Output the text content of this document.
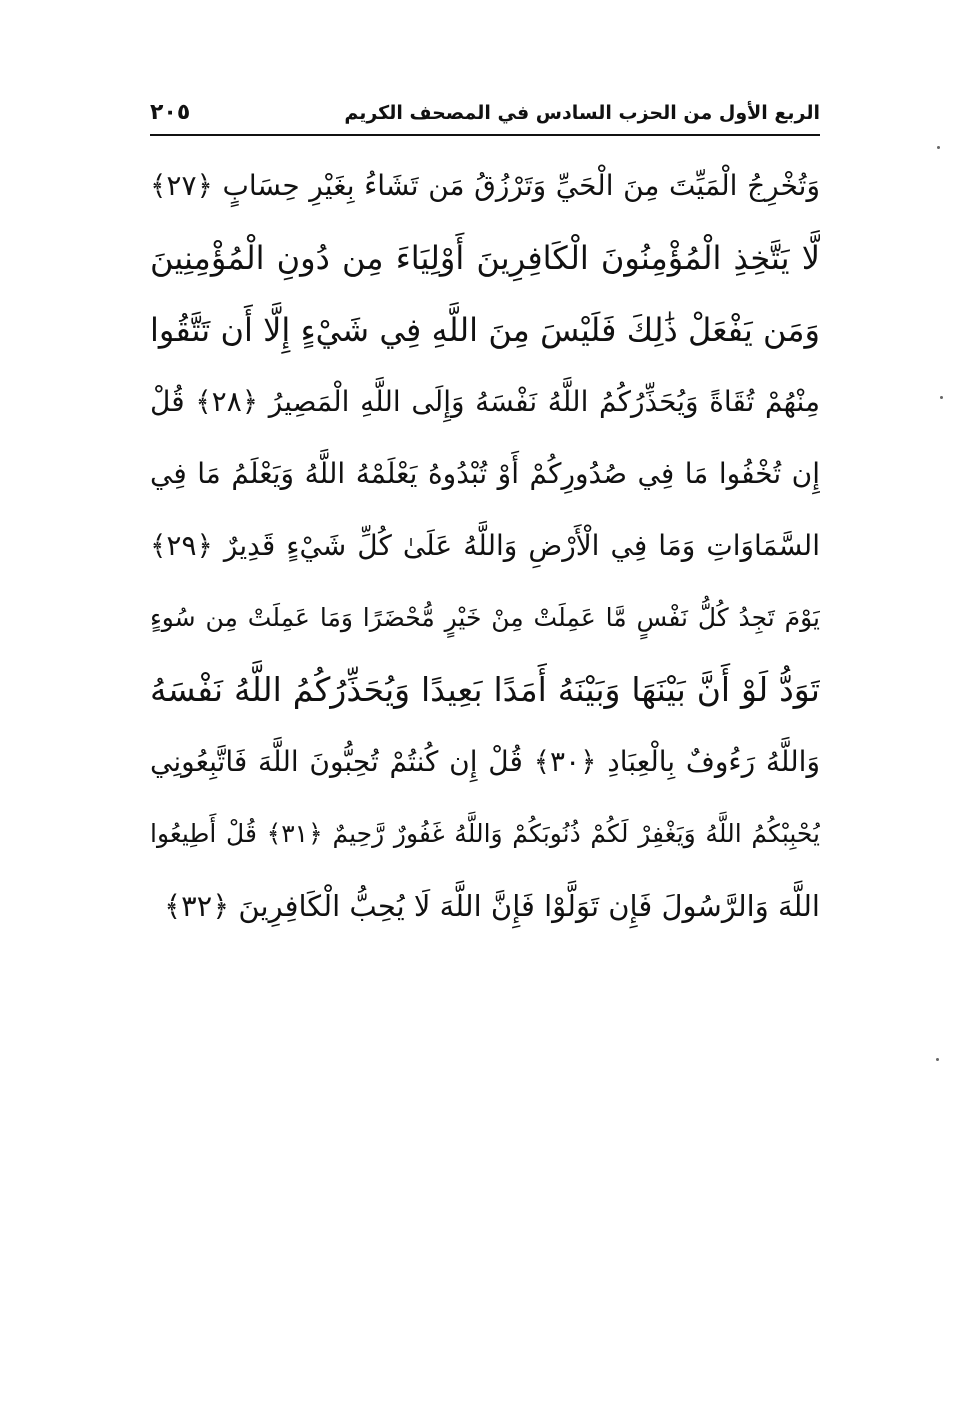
الربع الأول من الحزب السادس في المصحف الكريم
٢٠٥
وَتُخْرِجُ الْمَيِّتَ مِنَ الْحَيِّ وَتَرْزُقُ مَن تَشَاءُ بِغَيْرِ حِسَابٍ ﴿٢٧﴾
لَّا يَتَّخِذِ الْمُؤْمِنُونَ الْكَافِرِينَ أَوْلِيَاءَ مِن دُونِ الْمُؤْمِنِينَ
وَمَن يَفْعَلْ ذَٰلِكَ فَلَيْسَ مِنَ اللَّهِ فِي شَيْءٍ إِلَّا أَن تَتَّقُوا
مِنْهُمْ تُقَاةً وَيُحَذِّرُكُمُ اللَّهُ نَفْسَهُ وَإِلَى اللَّهِ الْمَصِيرُ ﴿٢٨﴾ قُلْ
إِن تُخْفُوا مَا فِي صُدُورِكُمْ أَوْ تُبْدُوهُ يَعْلَمْهُ اللَّهُ وَيَعْلَمُ مَا فِي
السَّمَاوَاتِ وَمَا فِي الْأَرْضِ وَاللَّهُ عَلَىٰ كُلِّ شَيْءٍ قَدِيرٌ ﴿٢٩﴾
يَوْمَ تَجِدُ كُلُّ نَفْسٍ مَّا عَمِلَتْ مِنْ خَيْرٍ مُّحْضَرًا وَمَا عَمِلَتْ مِن سُوءٍ
تَوَدُّ لَوْ أَنَّ بَيْنَهَا وَبَيْنَهُ أَمَدًا بَعِيدًا وَيُحَذِّرُكُمُ اللَّهُ نَفْسَهُ
وَاللَّهُ رَءُوفٌ بِالْعِبَادِ ﴿٣٠﴾ قُلْ إِن كُنتُمْ تُحِبُّونَ اللَّهَ فَاتَّبِعُونِي
يُحْبِبْكُمُ اللَّهُ وَيَغْفِرْ لَكُمْ ذُنُوبَكُمْ وَاللَّهُ غَفُورٌ رَّحِيمٌ ﴿٣١﴾ قُلْ أَطِيعُوا
اللَّهَ وَالرَّسُولَ فَإِن تَوَلَّوْا فَإِنَّ اللَّهَ لَا يُحِبُّ الْكَافِرِينَ ﴿٣٢﴾
